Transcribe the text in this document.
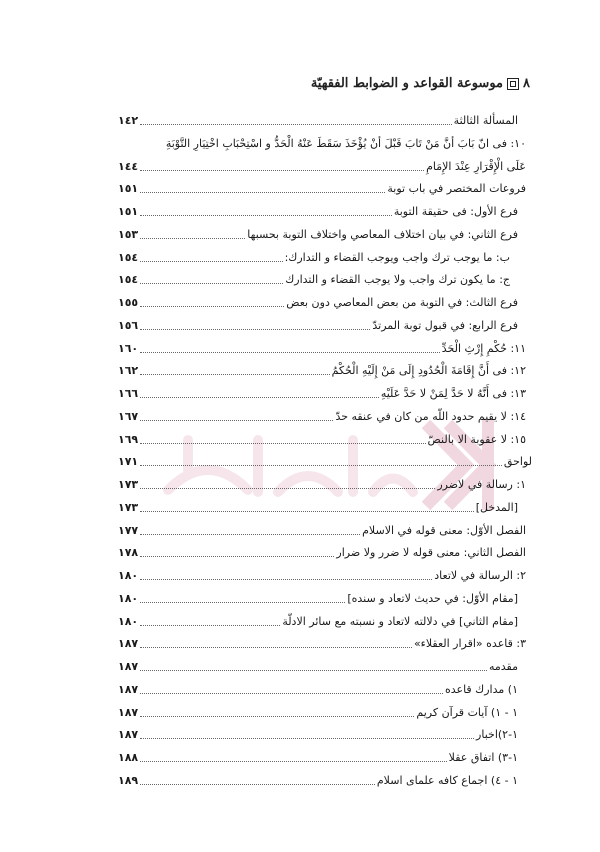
٨
موسوعة القواعد و الضوابط الفقهيّة
المسألة الثالثة
١٤٢
١٠: فی انّ بَابَ أنَّ مَنْ تَابَ قَبْلَ أنْ يُؤْخَذَ سَقَطَ عَنْهُ الْحَدُّ و اسْتِحْبَابِ اخْتِيَارِ التَّوْبَةِ
عَلَى الْإِقْرَارِ عِنْدَ الإِمَامِ
١٤٤
فروعات المختصر في باب توبة
١٥١
فرع الأول: فی حقیقة التوبة
١٥١
فرع الثاني: في بيان اختلاف المعاصي واختلاف التوبة بحسبها
١٥٣
ب: ما يوجب ترك واجب ويوجب القضاء و التدارك:
١٥٤
ج: ما يكون ترك واجب ولا يوجب القضاء و التدارك
١٥٤
فرع الثالث: في التوبة من بعض المعاصي دون بعض
١٥٥
فرع الرابع: في قبول توبة المرتدّ
١٥٦
١١: حُكْمِ إِرْثِ الْحَدِّ
١٦٠
١٢: فی أَنَّ إِقَامَةَ الْحُدُودِ إِلَی مَنْ إِلَيْهِ الْحُكْمُ
١٦٢
١٣: فی أَنَّهُ لا حَدَّ لِمَنْ لا حَدَّ عَلَيْهِ
١٦٦
١٤: لا يقيم حدود اللّه من كان في عنقه حدّ
١٦٧
١٥: لا عقوبة الا بالنصّ
١٦٩
لواحق
١٧١
١: رسالة في لاضرر
١٧٣
[المدخل]
١٧٣
الفصل الأوّل: معنى قوله في الاسلام
١٧٧
الفصل الثاني: معنى قوله لا ضرر ولا ضرار
١٧٨
٢: الرسالة في لاتعاد
١٨٠
[مقام الأوّل: في حديث لاتعاد و سنده]
١٨٠
[مقام الثاني] في دلالته لاتعاد و نسبته مع سائر الادلّة
١٨٠
٣: قاعده «اقرار العقلاء»
١٨٧
مقدمه
١٨٧
١) مدارك قاعده
١٨٧
١ - ١) آيات قرآن كريم
١٨٧
١-٢)اخبار
١٨٧
١-٣) اتفاق عقلا
١٨٨
١ - ٤) اجماع كافه علماى اسلام
١٨٩
